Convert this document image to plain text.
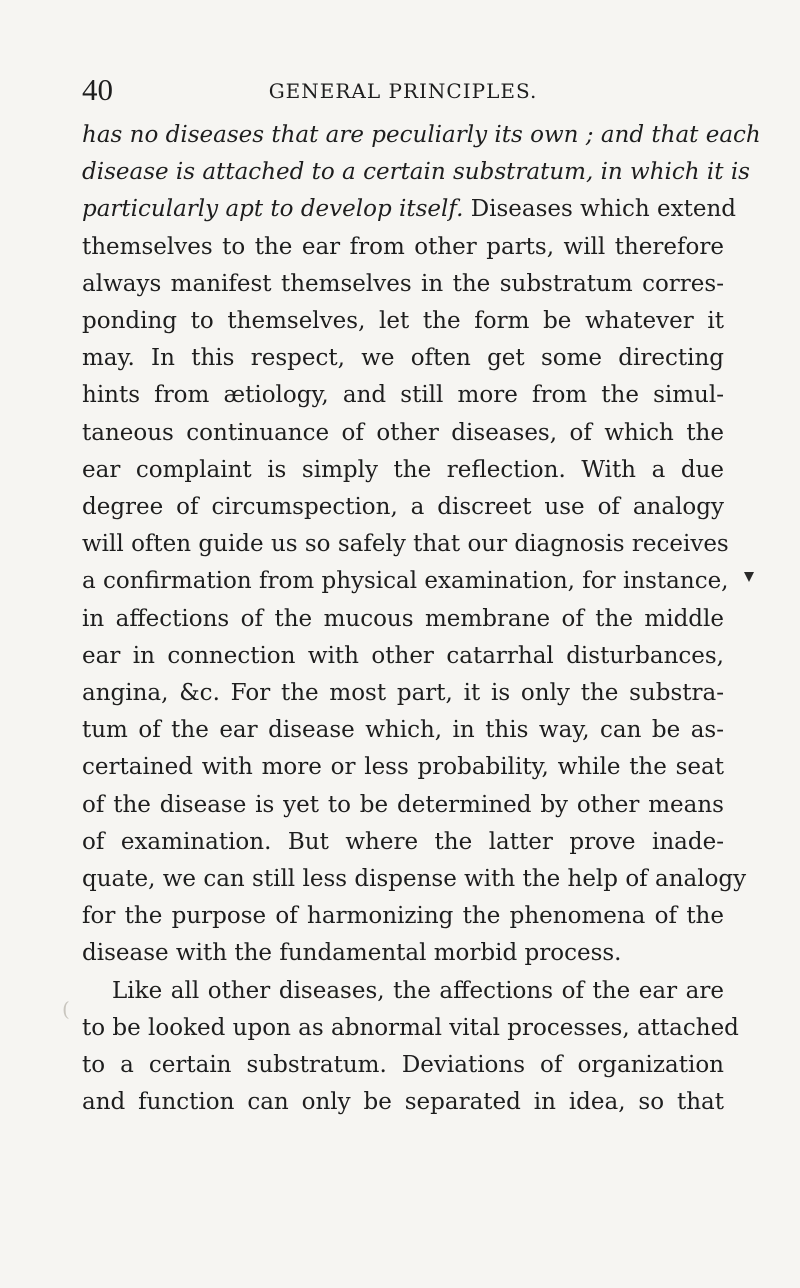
40	GENERAL PRINCIPLES.
has no diseases that are peculiarly its own ; and that each
disease is attached to a certain substratum, in which it is
particularly apt to develop itself. Diseases which extend
themselves to the ear from other parts, will therefore
always manifest themselves in the substratum corres-
ponding to themselves, let the form be whatever it
may. In this respect, we often get some directing
hints from ætiology, and still more from the simul-
taneous continuance of other diseases, of which the
ear complaint is simply the reflection. With a due
degree of circumspection, a discreet use of analogy
will often guide us so safely that our diagnosis receives
a confirmation from physical examination, for instance,
in affections of the mucous membrane of the middle
ear in connection with other catarrhal disturbances,
angina, &c. For the most part, it is only the substra-
tum of the ear disease which, in this way, can be as-
certained with more or less probability, while the seat
of the disease is yet to be determined by other means
of examination. But where the latter prove inade-
quate, we can still less dispense with the help of analogy
for the purpose of harmonizing the phenomena of the
disease with the fundamental morbid process.
Like all other diseases, the affections of the ear are
to be looked upon as abnormal vital processes, attached
to a certain substratum. Deviations of organization
and function can only be separated in idea, so that
(
